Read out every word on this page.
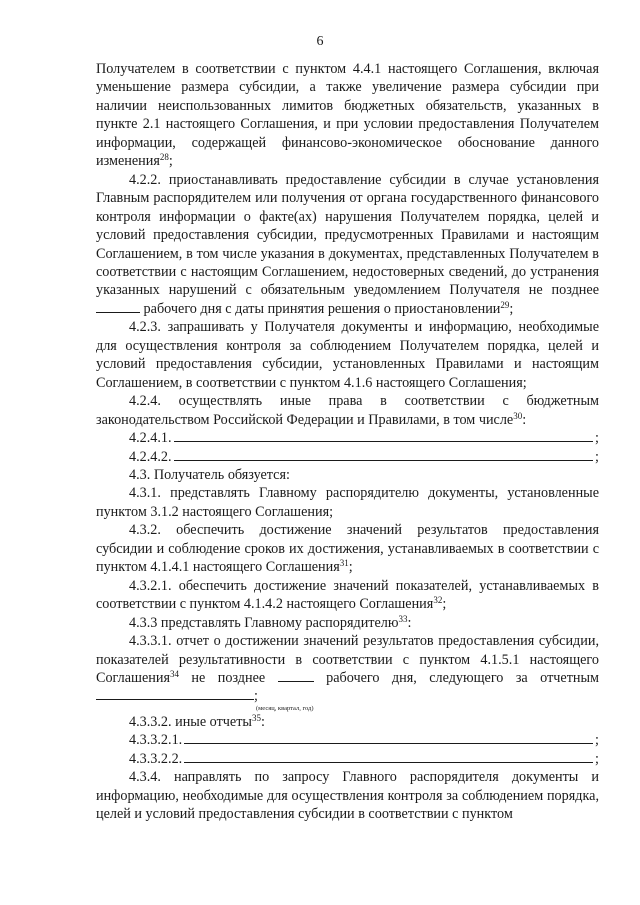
6

Получателем в соответствии с пунктом 4.4.1 настоящего Соглашения, включая уменьшение размера субсидии, а также увеличение размера субсидии при наличии неиспользованных лимитов бюджетных обязательств, указанных в пункте 2.1 настоящего Соглашения, и при условии предоставления Получателем информации, содержащей финансово-экономическое обоснование данного изменения$^{28}$;

4.2.2. приостанавливать предоставление субсидии в случае установления Главным распорядителем или получения от органа государственного финансового контроля информации о факте(ах) нарушения Получателем порядка, целей и условий предоставления субсидии, предусмотренных Правилами и настоящим Соглашением, в том числе указания в документах, представленных Получателем в соответствии с настоящим Соглашением, недостоверных сведений, до устранения указанных нарушений с обязательным уведомлением Получателя не позднее  рабочего дня с даты принятия решения о приостановлении$^{29}$;

4.2.3. запрашивать у Получателя документы и информацию, необходимые для осуществления контроля за соблюдением Получателем порядка, целей и условий предоставления субсидии, установленных Правилами и настоящим Соглашением, в соответствии с пунктом 4.1.6 настоящего Соглашения;

4.2.4. осуществлять иные права в соответствии с бюджетным законодательством Российской Федерации и Правилами, в том числе$^{30}$:

4.2.4.1.	;
4.2.4.2.	;

4.3. Получатель обязуется:

4.3.1. представлять Главному распорядителю документы, установленные пунктом 3.1.2 настоящего Соглашения;

4.3.2. обеспечить достижение значений результатов предоставления субсидии и соблюдение сроков их достижения, устанавливаемых в соответствии с пунктом 4.1.4.1 настоящего Соглашения$^{31}$;

4.3.2.1. обеспечить достижение значений показателей, устанавливаемых в соответствии с пунктом 4.1.4.2 настоящего Соглашения$^{32}$;

4.3.3 представлять Главному распорядителю$^{33}$:

4.3.3.1. отчет о достижении значений результатов предоставления субсидии, показателей результативности в соответствии с пунктом 4.1.5.1 настоящего Соглашения$^{34}$ не позднее	рабочего дня, следующего за отчетным ;

(месяц, квартал, год)

4.3.3.2. иные отчеты$^{35}$:

4.3.3.2.1.	;
4.3.3.2.2.	;

4.3.4. направлять по запросу Главного распорядителя документы и информацию, необходимые для осуществления контроля за соблюдением порядка, целей и условий предоставления субсидии в соответствии с пунктом
